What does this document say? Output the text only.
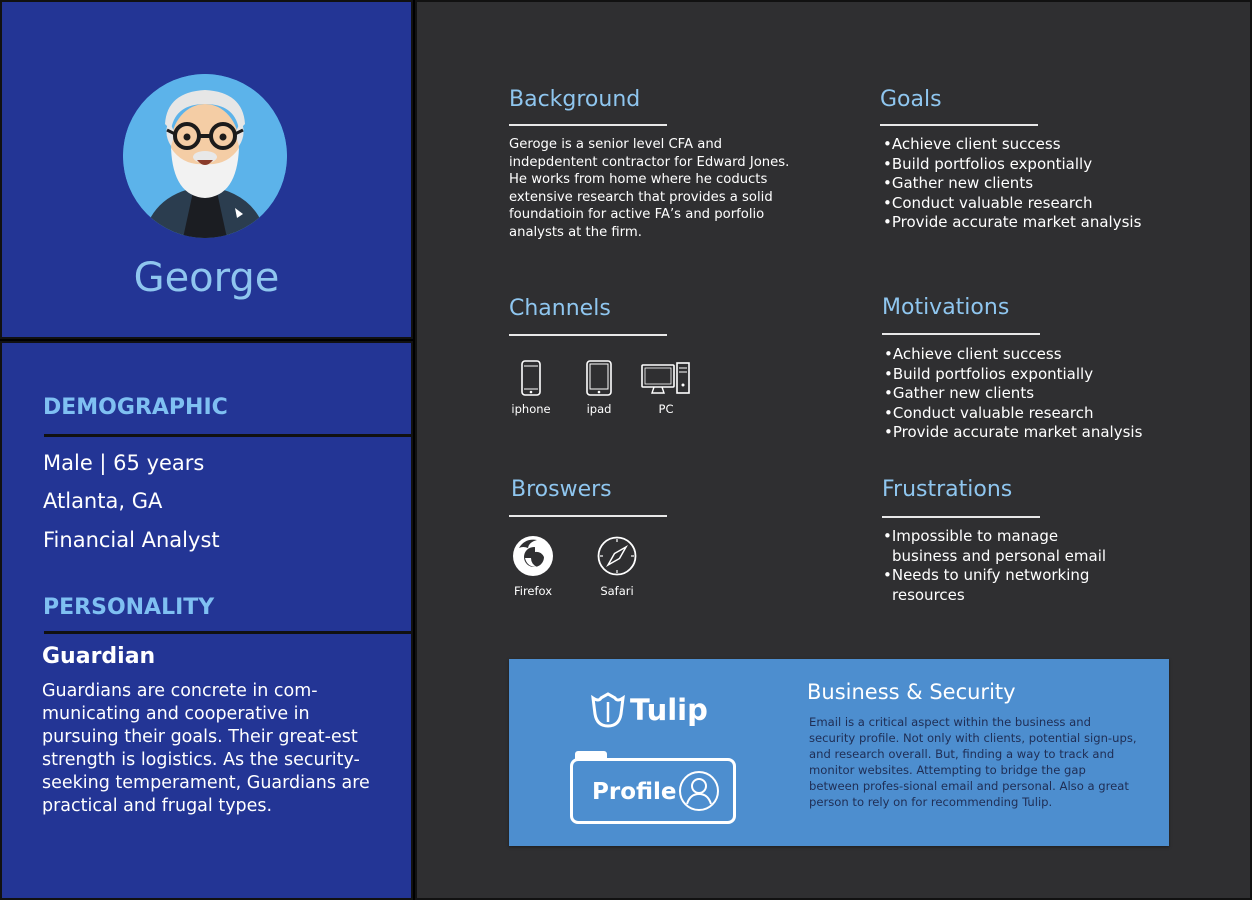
George
DEMOGRAPHIC
Male | 65 years
Atlanta, GA
Financial Analyst
PERSONALITY
Guardian
Guardians are concrete in com-municating and cooperative in pursuing their goals. Their great-est strength is logistics. As the security-seeking temperament, Guardians are practical and frugal types.
Background
Geroge is a senior level CFA and indepdentent contractor for Edward Jones. He works from home where he coducts extensive research that provides a solid foundatioin for active FA’s and porfolio analysts at the firm.
Goals
• Achieve client success
• Build portfolios expontially
• Gather new clients
• Conduct valuable research
• Provide accurate market analysis
Channels
iphone	ipad	PC
Motivations
• Achieve client success
• Build portfolios expontially
• Gather new clients
• Conduct valuable research
• Provide accurate market analysis
Broswers
Firefox	Safari
Frustrations
• Impossible to manage
business and personal email
• Needs to unify networking
resources
Tulip
Profile
Business & Security
Email is a critical aspect within the business and security profile. Not only with clients, potential sign-ups, and research overall. But, finding a way to track and monitor websites. Attempting to bridge the gap between profes-sional email and personal. Also a great person to rely on for recommending Tulip.
